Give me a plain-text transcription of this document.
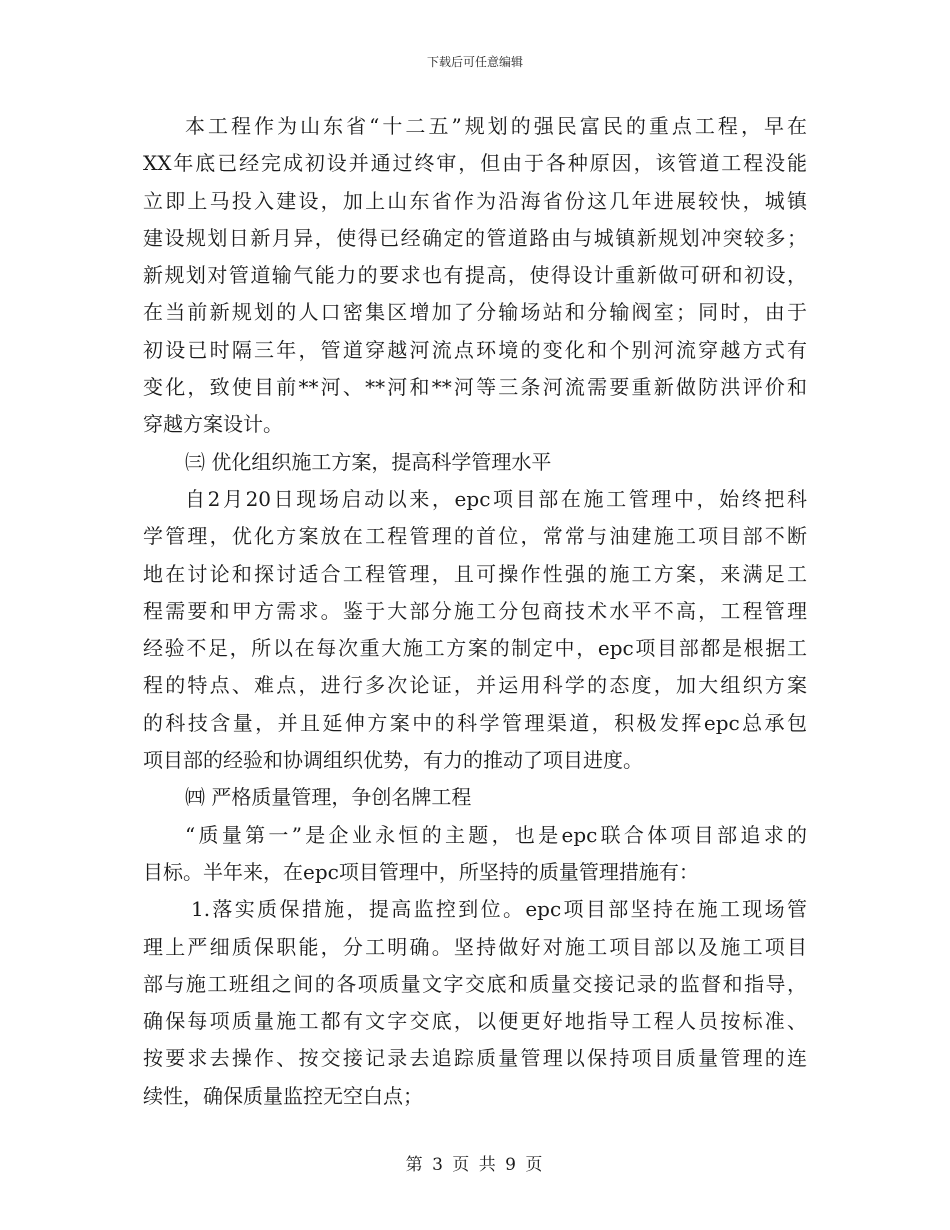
下载后可任意编辑
本工程作为山东省“十二五”规划的强民富民的重点工程，早在
XX年底已经完成初设并通过终审，但由于各种原因，该管道工程没能
立即上马投入建设，加上山东省作为沿海省份这几年进展较快，城镇
建设规划日新月异，使得已经确定的管道路由与城镇新规划冲突较多；
新规划对管道输气能力的要求也有提高，使得设计重新做可研和初设，
在当前新规划的人口密集区增加了分输场站和分输阀室；同时，由于
初设已时隔三年，管道穿越河流点环境的变化和个别河流穿越方式有
变化，致使目前**河、**河和**河等三条河流需要重新做防洪评价和
穿越方案设计。
㈢ 优化组织施工方案，提高科学管理水平
自2月20日现场启动以来，epc项目部在施工管理中，始终把科
学管理，优化方案放在工程管理的首位，常常与油建施工项目部不断
地在讨论和探讨适合工程管理，且可操作性强的施工方案，来满足工
程需要和甲方需求。鉴于大部分施工分包商技术水平不高，工程管理
经验不足，所以在每次重大施工方案的制定中，epc项目部都是根据工
程的特点、难点，进行多次论证，并运用科学的态度，加大组织方案
的科技含量，并且延伸方案中的科学管理渠道，积极发挥epc总承包
项目部的经验和协调组织优势，有力的推动了项目进度。
㈣ 严格质量管理，争创名牌工程
“质量第一”是企业永恒的主题，也是epc联合体项目部追求的
目标。半年来，在epc项目管理中，所坚持的质量管理措施有：
1.落实质保措施，提高监控到位。epc项目部坚持在施工现场管
理上严细质保职能，分工明确。坚持做好对施工项目部以及施工项目
部与施工班组之间的各项质量文字交底和质量交接记录的监督和指导，
确保每项质量施工都有文字交底，以便更好地指导工程人员按标准、
按要求去操作、按交接记录去追踪质量管理以保持项目质量管理的连
续性，确保质量监控无空白点；
第 3 页 共 9 页
